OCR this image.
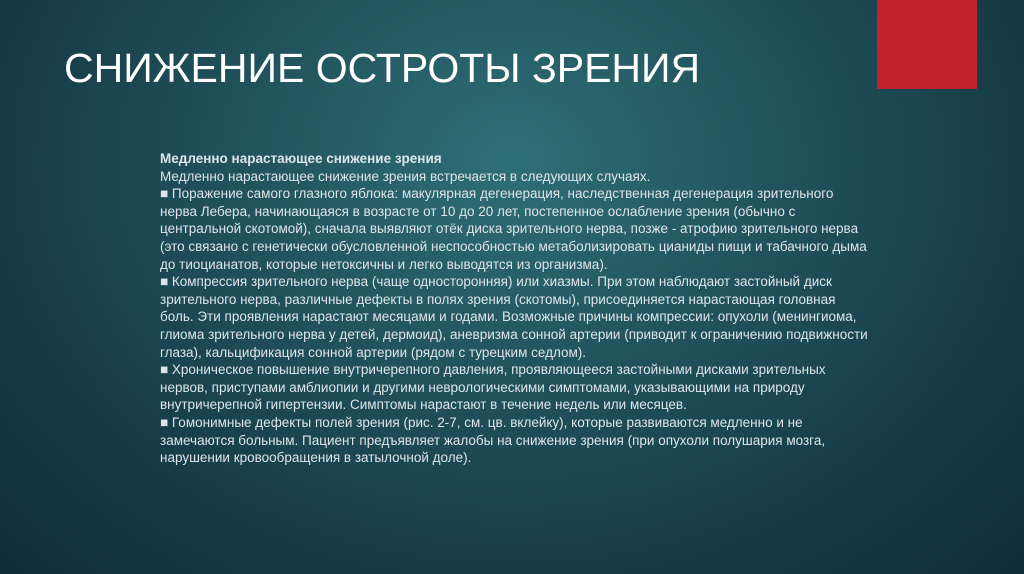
СНИЖЕНИЕ ОСТРОТЫ ЗРЕНИЯ

Медленно нарастающее снижение зрения

Медленно нарастающее снижение зрения встречается в следующих случаях.

■ Поражение самого глазного яблока: макулярная дегенерация, наследственная дегенерация зрительного нерва Лебера, начинающаяся в возрасте от 10 до 20 лет, постепенное ослабление зрения (обычно с центральной скотомой), сначала выявляют отёк диска зрительного нерва, позже - атрофию зрительного нерва (это связано с генетически обусловленной неспособностью метаболизировать цианиды пищи и табачного дыма до тиоцианатов, которые нетоксичны и легко выводятся из организма).

■ Компрессия зрительного нерва (чаще односторонняя) или хиазмы. При этом наблюдают застойный диск зрительного нерва, различные дефекты в полях зрения (скотомы), присоединяется нарастающая головная боль. Эти проявления нарастают месяцами и годами. Возможные причины компрессии: опухоли (менингиома, глиома зрительного нерва у детей, дермоид), аневризма сонной артерии (приводит к ограничению подвижности глаза), кальцификация сонной артерии (рядом с турецким седлом).

■ Хроническое повышение внутричерепного давления, проявляющееся застойными дисками зрительных нервов, приступами амблиопии и другими неврологическими симптомами, указывающими на природу внутричерепной гипертензии. Симптомы нарастают в течение недель или месяцев.

■ Гомонимные дефекты полей зрения (рис. 2-7, см. цв. вклейку), которые развиваются медленно и не замечаются больным. Пациент предъявляет жалобы на снижение зрения (при опухоли полушария мозга, нарушении кровообращения в затылочной доле).
